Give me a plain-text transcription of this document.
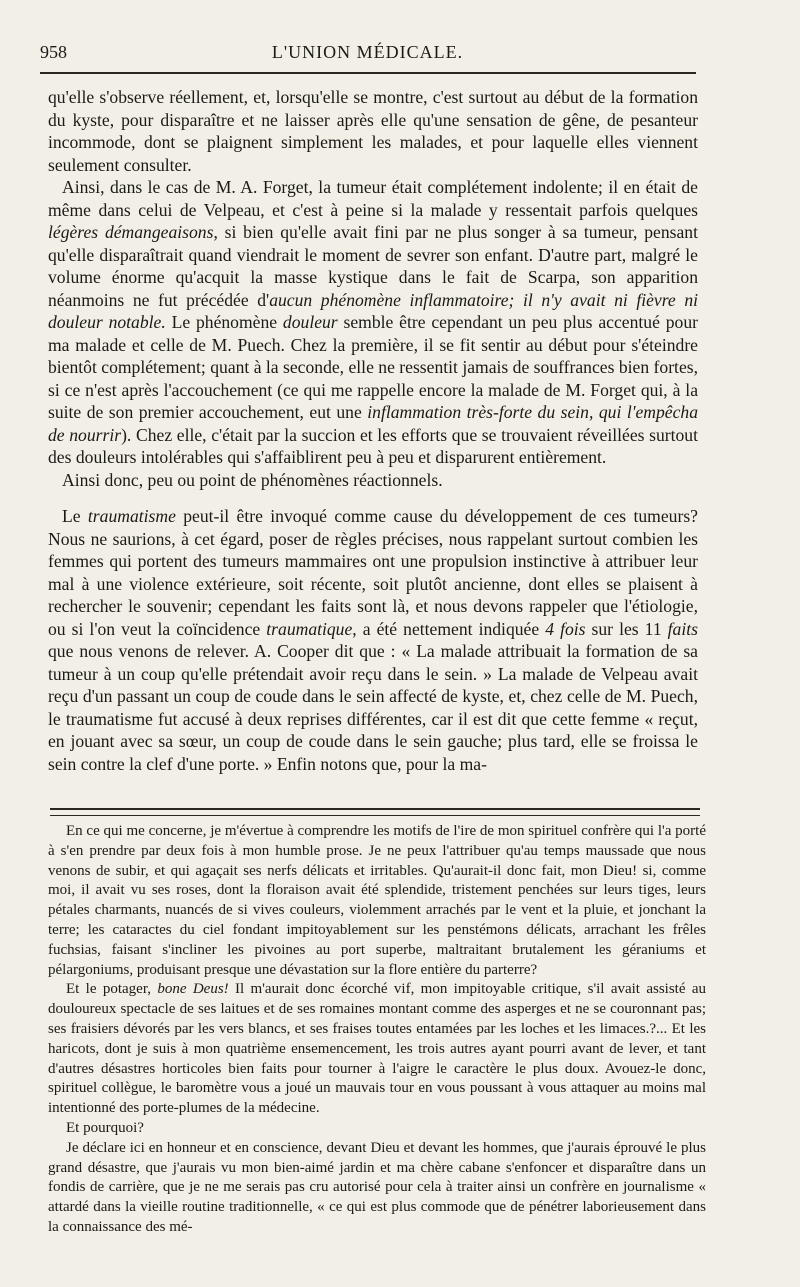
958	L'UNION MÉDICALE.

qu'elle s'observe réellement, et, lorsqu'elle se montre, c'est surtout au début de la formation du kyste, pour disparaître et ne laisser après elle qu'une sensation de gêne, de pesanteur incommode, dont se plaignent simplement les malades, et pour laquelle elles viennent seulement consulter.

Ainsi, dans le cas de M. A. Forget, la tumeur était complétement indolente; il en était de même dans celui de Velpeau, et c'est à peine si la malade y ressentait parfois quelques légères démangeaisons, si bien qu'elle avait fini par ne plus songer à sa tumeur, pensant qu'elle disparaîtrait quand viendrait le moment de sevrer son enfant. D'autre part, malgré le volume énorme qu'acquit la masse kystique dans le fait de Scarpa, son apparition néanmoins ne fut précédée d'aucun phénomène inflammatoire; il n'y avait ni fièvre ni douleur notable. Le phénomène douleur semble être cependant un peu plus accentué pour ma malade et celle de M. Puech. Chez la première, il se fit sentir au début pour s'éteindre bientôt complétement; quant à la seconde, elle ne ressentit jamais de souffrances bien fortes, si ce n'est après l'accouchement (ce qui me rappelle encore la malade de M. Forget qui, à la suite de son premier accouchement, eut une inflammation très-forte du sein, qui l'empêcha de nourrir). Chez elle, c'était par la succion et les efforts que se trouvaient réveillées surtout des douleurs intolérables qui s'affaiblirent peu à peu et disparurent entièrement.

Ainsi donc, peu ou point de phénomènes réactionnels.

Le traumatisme peut-il être invoqué comme cause du développement de ces tumeurs? Nous ne saurions, à cet égard, poser de règles précises, nous rappelant surtout combien les femmes qui portent des tumeurs mammaires ont une propulsion instinctive à attribuer leur mal à une violence extérieure, soit récente, soit plutôt ancienne, dont elles se plaisent à rechercher le souvenir; cependant les faits sont là, et nous devons rappeler que l'étiologie, ou si l'on veut la coïncidence traumatique, a été nettement indiquée 4 fois sur les 11 faits que nous venons de relever. A. Cooper dit que : « La malade attribuait la formation de sa tumeur à un coup qu'elle prétendait avoir reçu dans le sein. » La malade de Velpeau avait reçu d'un passant un coup de coude dans le sein affecté de kyste, et, chez celle de M. Puech, le traumatisme fut accusé à deux reprises différentes, car il est dit que cette femme « reçut, en jouant avec sa sœur, un coup de coude dans le sein gauche; plus tard, elle se froissa le sein contre la clef d'une porte. » Enfin notons que, pour la ma-

En ce qui me concerne, je m'évertue à comprendre les motifs de l'ire de mon spirituel confrère qui l'a porté à s'en prendre par deux fois à mon humble prose. Je ne peux l'attribuer qu'au temps maussade que nous venons de subir, et qui agaçait ses nerfs délicats et irritables. Qu'aurait-il donc fait, mon Dieu! si, comme moi, il avait vu ses roses, dont la floraison avait été splendide, tristement penchées sur leurs tiges, leurs pétales charmants, nuancés de si vives couleurs, violemment arrachés par le vent et la pluie, et jonchant la terre; les cataractes du ciel fondant impitoyablement sur les penstémons délicats, arrachant les frêles fuchsias, faisant s'incliner les pivoines au port superbe, maltraitant brutalement les géraniums et pélargoniums, produisant presque une dévastation sur la flore entière du parterre?

Et le potager, bone Deus! Il m'aurait donc écorché vif, mon impitoyable critique, s'il avait assisté au douloureux spectacle de ses laitues et de ses romaines montant comme des asperges et ne se couronnant pas; ses fraisiers dévorés par les vers blancs, et ses fraises toutes entamées par les loches et les limaces.?... Et les haricots, dont je suis à mon quatrième ensemencement, les trois autres ayant pourri avant de lever, et tant d'autres désastres horticoles bien faits pour tourner à l'aigre le caractère le plus doux. Avouez-le donc, spirituel collègue, le baromètre vous a joué un mauvais tour en vous poussant à vous attaquer au moins mal intentionné des porte-plumes de la médecine.

Et pourquoi?

Je déclare ici en honneur et en conscience, devant Dieu et devant les hommes, que j'aurais éprouvé le plus grand désastre, que j'aurais vu mon bien-aimé jardin et ma chère cabane s'enfoncer et disparaître dans un fondis de carrière, que je ne me serais pas cru autorisé pour cela à traiter ainsi un confrère en journalisme « attardé dans la vieille routine traditionnelle, « ce qui est plus commode que de pénétrer laborieusement dans la connaissance des mé-
